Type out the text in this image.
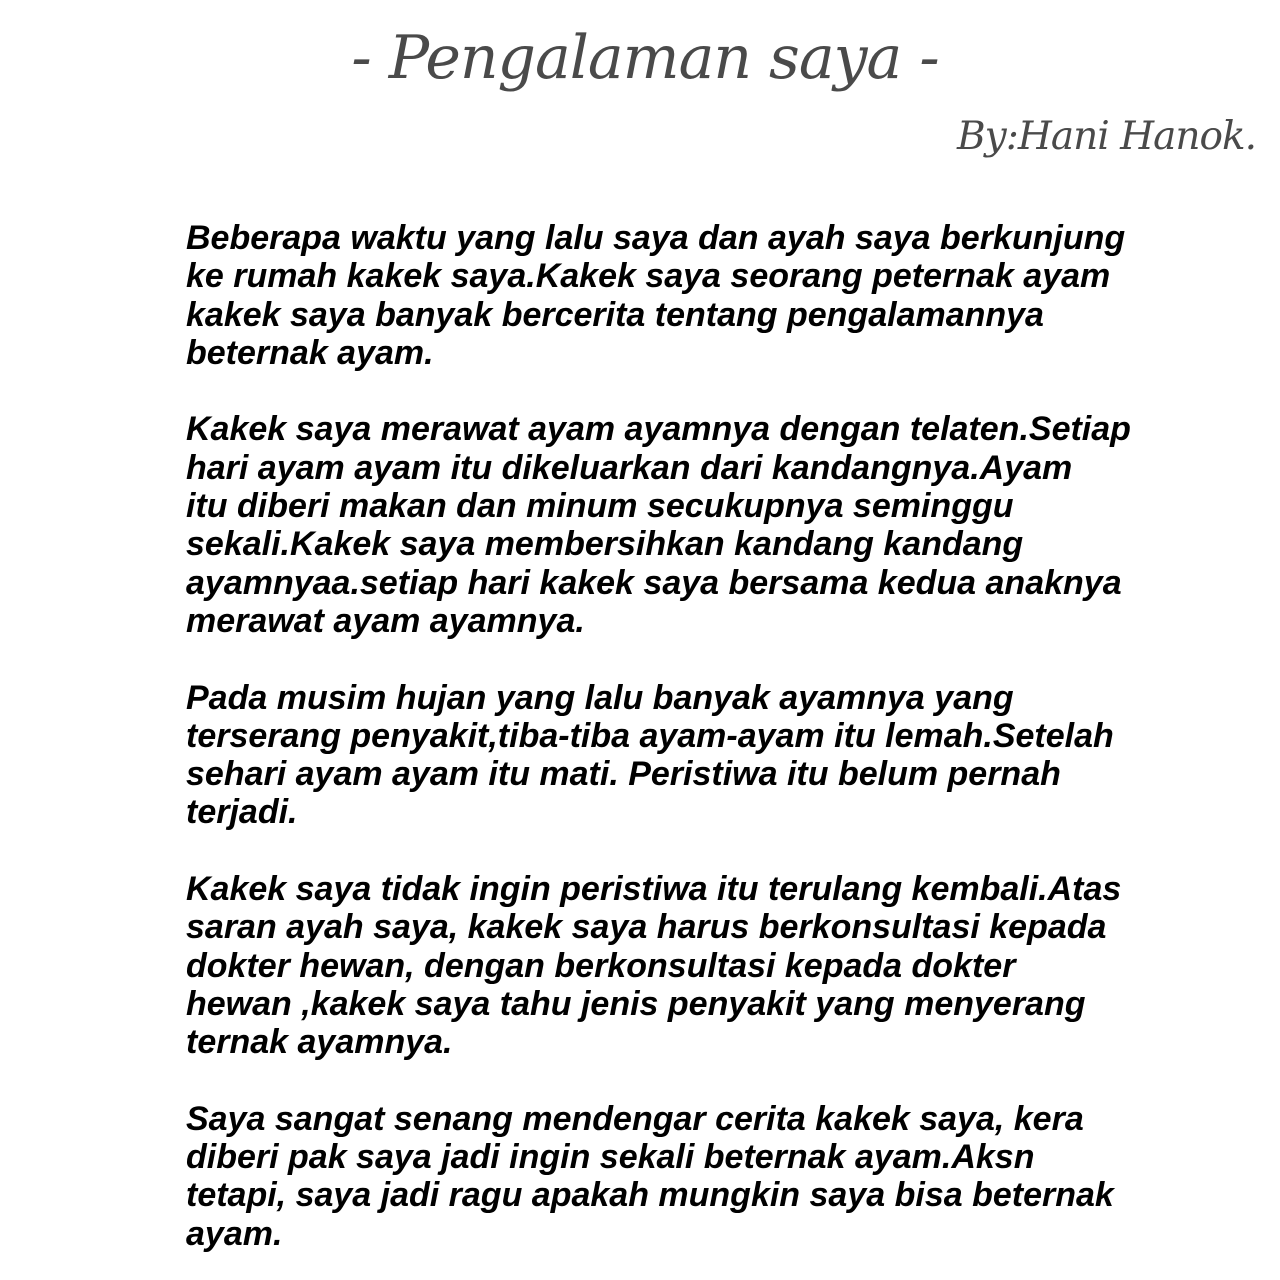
- Pengalaman saya -
By:Hani Hanok.

Beberapa waktu yang lalu saya dan ayah saya berkunjung
ke rumah kakek saya.Kakek saya seorang peternak ayam
kakek saya banyak bercerita tentang pengalamannya
beternak ayam.

Kakek saya merawat ayam ayamnya dengan telaten.Setiap
hari ayam ayam itu dikeluarkan dari kandangnya.Ayam
itu diberi makan dan minum secukupnya seminggu
sekali.Kakek saya membersihkan kandang kandang
ayamnyaa.setiap hari kakek saya bersama kedua anaknya
merawat ayam ayamnya.

Pada musim hujan yang lalu banyak ayamnya yang
terserang penyakit,tiba-tiba ayam-ayam itu lemah.Setelah
sehari ayam ayam itu mati. Peristiwa itu belum pernah
terjadi.

Kakek saya tidak ingin peristiwa itu terulang kembali.Atas
saran ayah saya, kakek saya harus berkonsultasi kepada
dokter hewan, dengan berkonsultasi kepada dokter
hewan ,kakek saya tahu jenis penyakit yang menyerang
ternak ayamnya.

Saya sangat senang mendengar cerita kakek saya, kera
diberi pak saya jadi ingin sekali beternak ayam.Aksn
tetapi, saya jadi ragu apakah mungkin saya bisa beternak
ayam.
